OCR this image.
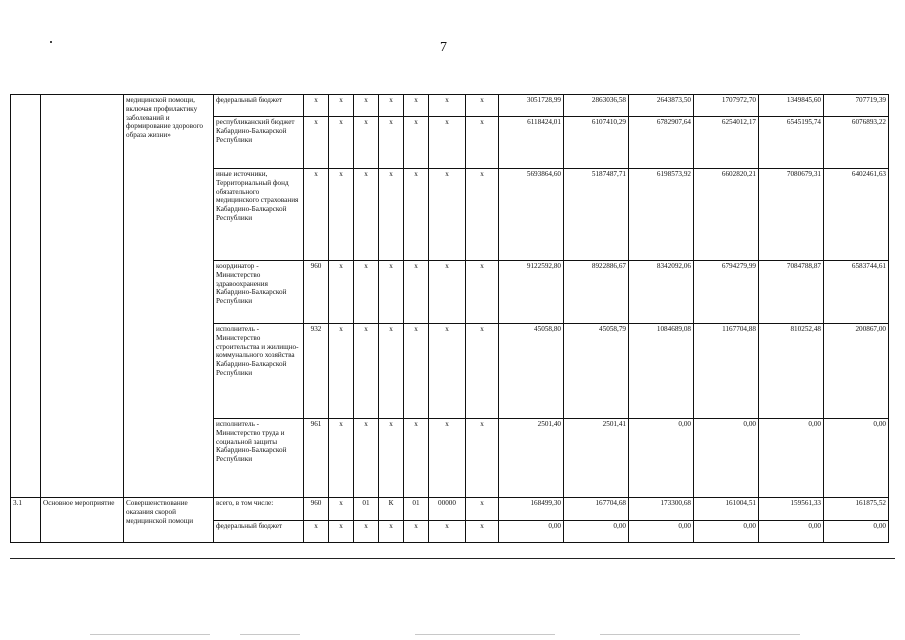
7
		медицинской помощи, включая профилактику заболеваний и формирование здорового образа жизни»	федеральный бюджет	x	x	x	x	x	x	x	3051728,99	2863036,58	2643873,50	1707972,70	1349845,60	707719,39
			республиканский бюджет Кабардино-Балкарской Республики	x	x	x	x	x	x	x	6118424,01	6107410,29	6782907,64	6254012,17	6545195,74	6076893,22
			иные источники, Территориальный фонд обязательного медицинского страхования Кабардино-Балкарской Республики	x	x	x	x	x	x	x	5693864,60	5187487,71	6198573,92	6602820,21	7080679,31	6402461,63
			координатор - Министерство здравоохранения Кабардино-Балкарской Республики	960	x	x	x	x	x	x	9122592,80	8922886,67	8342092,06	6794279,99	7084788,87	6583744,61
			исполнитель - Министерство строительства и жилищно-коммунального хозяйства Кабардино-Балкарской Республики	932	x	x	x	x	x	x	45058,80	45058,79	1084689,08	1167704,88	810252,48	200867,00
			исполнитель - Министерство труда и социальной защиты Кабардино-Балкарской Республики	961	x	x	x	x	x	x	2501,40	2501,41	0,00	0,00	0,00	0,00
3.1	Основное мероприятие	Совершенствование оказания скорой медицинской помощи	всего, в том числе:	960	x	01	К	01	00000	x	168499,30	167704,68	173300,68	161004,51	159561,33	161875,52
			федеральный бюджет	x	x	x	x	x	x	x	0,00	0,00	0,00	0,00	0,00	0,00
